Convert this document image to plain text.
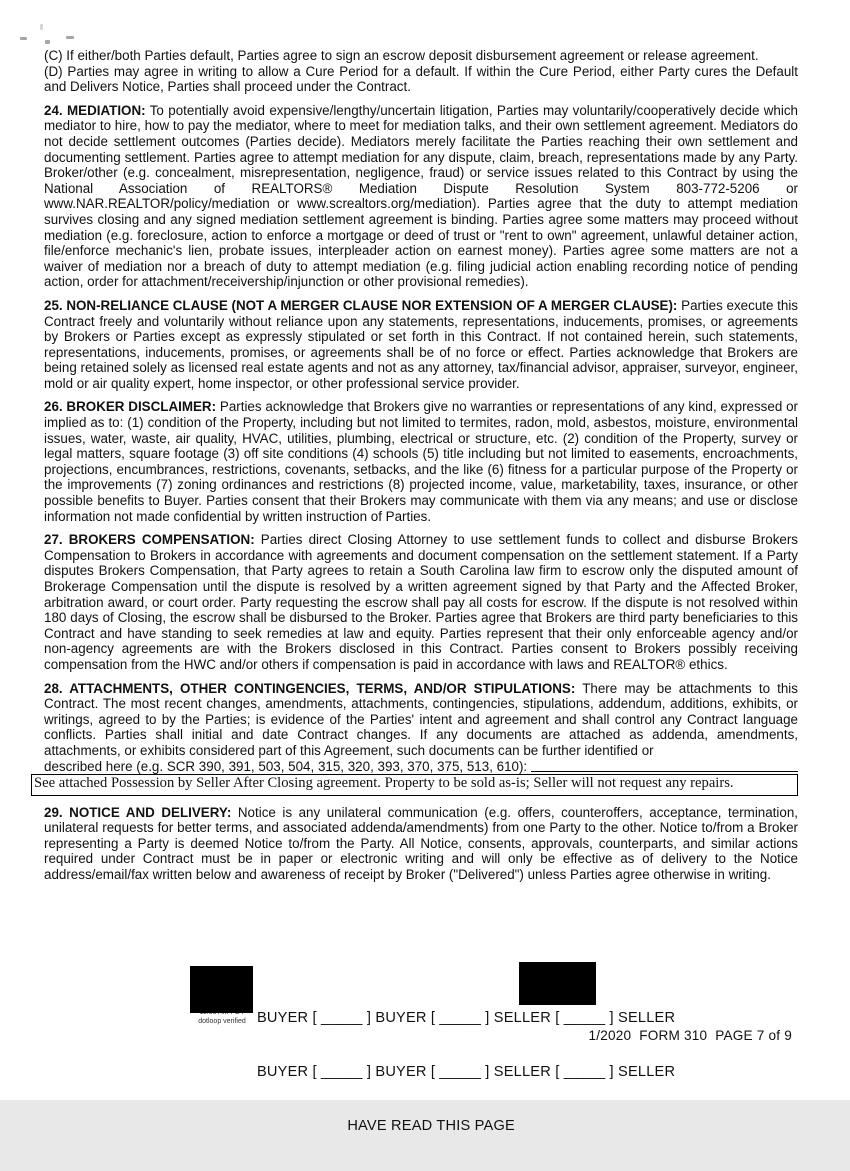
(C) If either/both Parties default, Parties agree to sign an escrow deposit disbursement agreement or release agreement.

(D) Parties may agree in writing to allow a Cure Period for a default. If within the Cure Period, either Party cures the Default and Delivers Notice, Parties shall proceed under the Contract.

24. MEDIATION: To potentially avoid expensive/lengthy/uncertain litigation, Parties may voluntarily/cooperatively decide which mediator to hire, how to pay the mediator, where to meet for mediation talks, and their own settlement agreement. Mediators do not decide settlement outcomes (Parties decide). Mediators merely facilitate the Parties reaching their own settlement and documenting settlement. Parties agree to attempt mediation for any dispute, claim, breach, representations made by any Party. Broker/other (e.g. concealment, misrepresentation, negligence, fraud) or service issues related to this Contract by using the National Association of REALTORS® Mediation Dispute Resolution System 803-772-5206 or www.NAR.REALTOR/policy/mediation or www.screaltors.org/mediation). Parties agree that the duty to attempt mediation survives closing and any signed mediation settlement agreement is binding. Parties agree some matters may proceed without mediation (e.g. foreclosure, action to enforce a mortgage or deed of trust or "rent to own" agreement, unlawful detainer action, file/enforce mechanic's lien, probate issues, interpleader action on earnest money). Parties agree some matters are not a waiver of mediation nor a breach of duty to attempt mediation (e.g. filing judicial action enabling recording notice of pending action, order for attachment/receivership/injunction or other provisional remedies).

25. NON-RELIANCE CLAUSE (NOT A MERGER CLAUSE NOR EXTENSION OF A MERGER CLAUSE): Parties execute this Contract freely and voluntarily without reliance upon any statements, representations, inducements, promises, or agreements by Brokers or Parties except as expressly stipulated or set forth in this Contract. If not contained herein, such statements, representations, inducements, promises, or agreements shall be of no force or effect. Parties acknowledge that Brokers are being retained solely as licensed real estate agents and not as any attorney, tax/financial advisor, appraiser, surveyor, engineer, mold or air quality expert, home inspector, or other professional service provider.

26. BROKER DISCLAIMER: Parties acknowledge that Brokers give no warranties or representations of any kind, expressed or implied as to: (1) condition of the Property, including but not limited to termites, radon, mold, asbestos, moisture, environmental issues, water, waste, air quality, HVAC, utilities, plumbing, electrical or structure, etc. (2) condition of the Property, survey or legal matters, square footage (3) off site conditions (4) schools (5) title including but not limited to easements, encroachments, projections, encumbrances, restrictions, covenants, setbacks, and the like (6) fitness for a particular purpose of the Property or the improvements (7) zoning ordinances and restrictions (8) projected income, value, marketability, taxes, insurance, or other possible benefits to Buyer. Parties consent that their Brokers may communicate with them via any means; and use or disclose information not made confidential by written instruction of Parties.

27. BROKERS COMPENSATION: Parties direct Closing Attorney to use settlement funds to collect and disburse Brokers Compensation to Brokers in accordance with agreements and document compensation on the settlement statement. If a Party disputes Brokers Compensation, that Party agrees to retain a South Carolina law firm to escrow only the disputed amount of Brokerage Compensation until the dispute is resolved by a written agreement signed by that Party and the Affected Broker, arbitration award, or court order. Party requesting the escrow shall pay all costs for escrow. If the dispute is not resolved within 180 days of Closing, the escrow shall be disbursed to the Broker. Parties agree that Brokers are third party beneficiaries to this Contract and have standing to seek remedies at law and equity. Parties represent that their only enforceable agency and/or non-agency agreements are with the Brokers disclosed in this Contract. Parties consent to Brokers possibly receiving compensation from the HWC and/or others if compensation is paid in accordance with laws and REALTOR® ethics.

28. ATTACHMENTS, OTHER CONTINGENCIES, TERMS, AND/OR STIPULATIONS: There may be attachments to this Contract. The most recent changes, amendments, attachments, contingencies, stipulations, addendum, additions, exhibits, or writings, agreed to by the Parties; is evidence of the Parties' intent and agreement and shall control any Contract language conflicts. Parties shall initial and date Contract changes. If any documents are attached as addenda, amendments, attachments, or exhibits considered part of this Agreement, such documents can be further identified or

described here (e.g. SCR 390, 391, 503, 504, 315, 320, 393, 370, 375, 513, 610):
See attached Possession by Seller After Closing agreement. Property to be sold as-is; Seller will not request any repairs.

29. NOTICE AND DELIVERY: Notice is any unilateral communication (e.g. offers, counteroffers, acceptance, termination, unilateral requests for better terms, and associated addenda/amendments) from one Party to the other. Notice to/from a Broker representing a Party is deemed Notice to/from the Party. All Notice, consents, approvals, counterparts, and similar actions required under Contract must be in paper or electronic writing and will only be effective as of delivery to the Notice address/email/fax written below and awareness of receipt by Broker ("Delivered") unless Parties agree otherwise in writing.

dotloop verified

BUYER [ _____ ] BUYER [ _____ ] SELLER [ _____ ] SELLER

BUYER [ _____ ] BUYER [ _____ ] SELLER [ _____ ] SELLER

HAVE READ THIS PAGE

1/2020  FORM 310  PAGE 7 of 9
